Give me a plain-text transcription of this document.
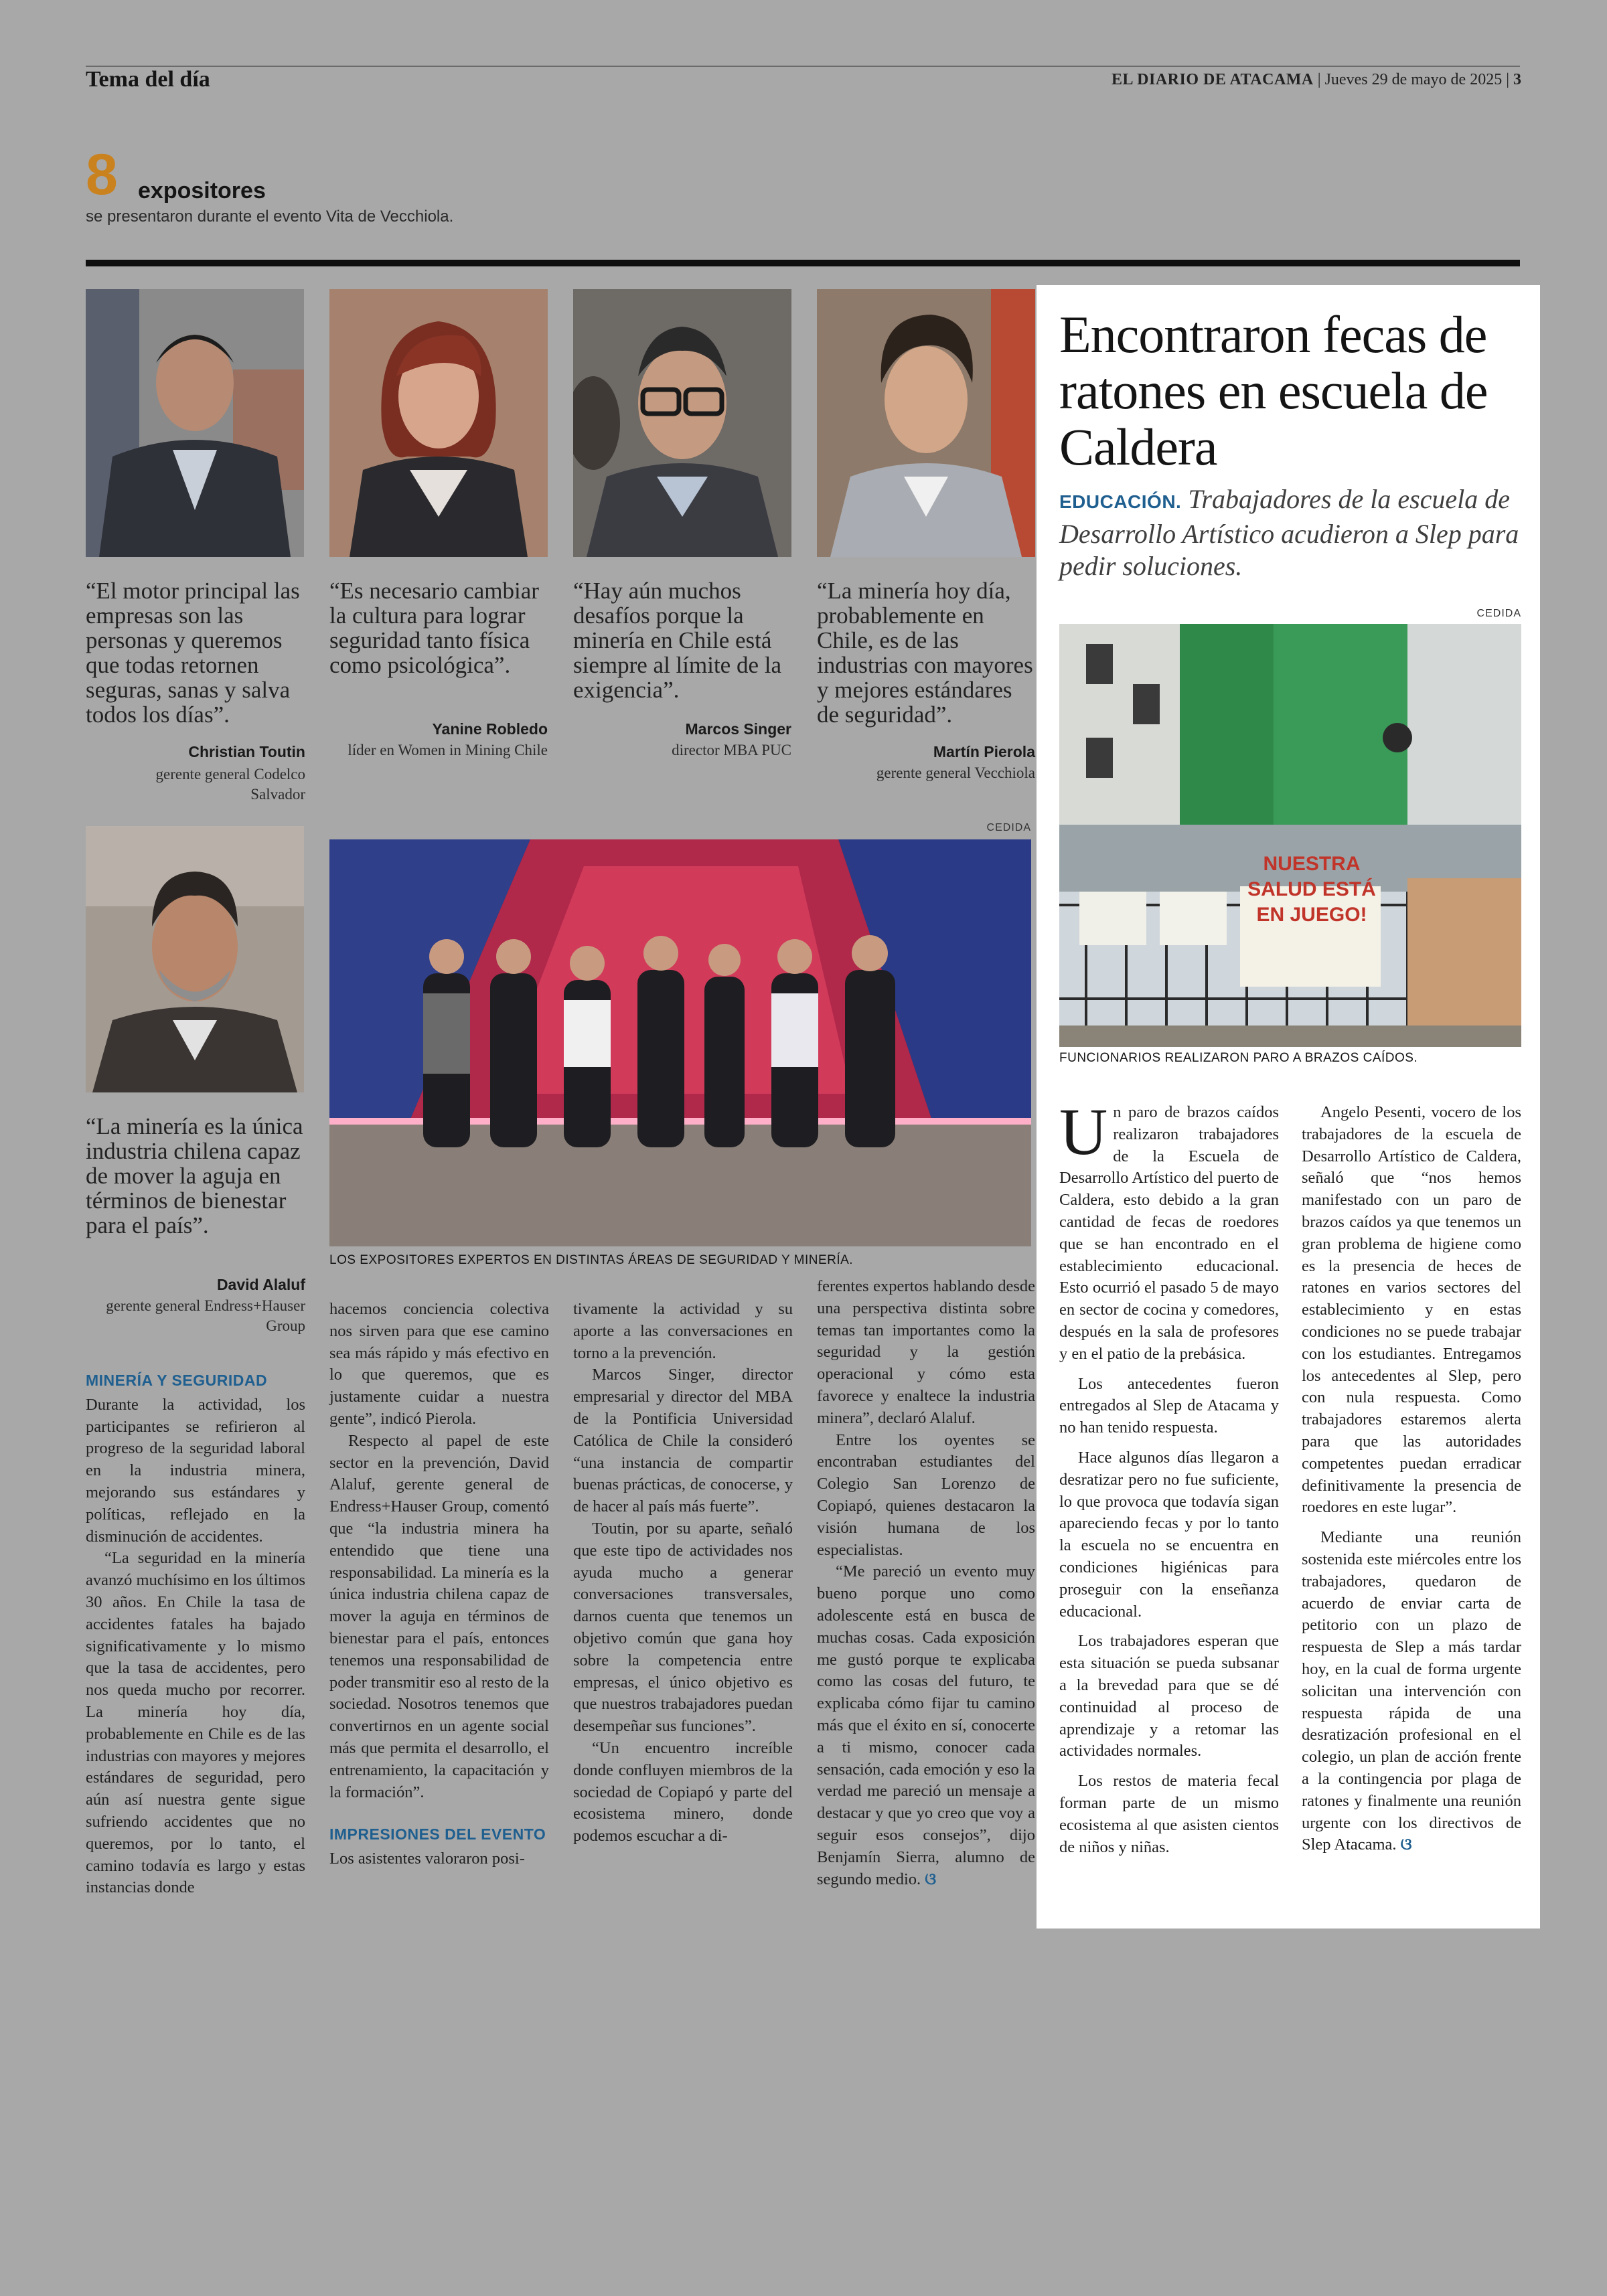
Tema del día	EL DIARIO DE ATACAMA | Jueves 29 de mayo de 2025 | 3
8 expositores
se presentaron durante el evento Vita de Vecchiola.
“El motor principal las empresas son las personas y queremos que todas retornen seguras, sanas y salva todos los días”.
Christian Toutin
gerente general Codelco Salvador
“Es necesario cambiar la cultura para lograr seguridad tanto física como psicológica”.
Yanine Robledo
líder en Women in Mining Chile
“Hay aún muchos desafíos porque la minería en Chile está siempre al límite de la exigencia”.
Marcos Singer
director MBA PUC
“La minería hoy día, probablemente en Chile, es de las industrias con mayores y mejores estándares de seguridad”.
Martín Pierola
gerente general Vecchiola
“La minería es la única industria chilena capaz de mover la aguja en términos de bienestar para el país”.
David Alaluf
gerente general Endress+Hauser Group
CEDIDA
LOS EXPOSITORES EXPERTOS EN DISTINTAS ÁREAS DE SEGURIDAD Y MINERÍA.

MINERÍA Y SEGURIDAD

Durante la actividad, los participantes se refirieron al progreso de la seguridad laboral en la industria minera, mejorando sus estándares y políticas, reflejado en la disminución de accidentes.

“La seguridad en la minería avanzó muchísimo en los últimos 30 años. En Chile la tasa de accidentes fatales ha bajado significativamente y lo mismo que la tasa de accidentes, pero nos queda mucho por recorrer. La minería hoy día, probablemente en Chile es de las industrias con mayores y mejores estándares de seguridad, pero aún así nuestra gente sigue sufriendo accidentes que no queremos, por lo tanto, el camino todavía es largo y estas instancias donde

hacemos conciencia colectiva nos sirven para que ese camino sea más rápido y más efectivo en lo que queremos, que es justamente cuidar a nuestra gente”, indicó Pierola.

Respecto al papel de este sector en la prevención, David Alaluf, gerente general de Endress+Hauser Group, comentó que “la industria minera ha entendido que tiene una responsabilidad. La minería es la única industria chilena capaz de mover la aguja en términos de bienestar para el país, entonces tenemos una responsabilidad de poder transmitir eso al resto de la sociedad. Nosotros tenemos que convertirnos en un agente social más que permita el desarrollo, el entrenamiento, la capacitación y la formación”.

IMPRESIONES DEL EVENTO

Los asistentes valoraron posi-

tivamente la actividad y su aporte a las conversaciones en torno a la prevención.

Marcos Singer, director empresarial y director del MBA de la Pontificia Universidad Católica de Chile la consideró “una instancia de compartir buenas prácticas, de conocerse, y de hacer al país más fuerte”.

Toutin, por su aparte, señaló que este tipo de actividades nos ayuda mucho a generar conversaciones transversales, darnos cuenta que tenemos un objetivo común que gana hoy sobre la competencia entre empresas, el único objetivo es que nuestros trabajadores puedan desempeñar sus funciones”.

“Un encuentro increíble donde confluyen miembros de la sociedad de Copiapó y parte del ecosistema minero, donde podemos escuchar a di-

ferentes expertos hablando desde una perspectiva distinta sobre temas tan importantes como la seguridad y la gestión operacional y cómo esta favorece y enaltece la industria minera”, declaró Alaluf.

Entre los oyentes se encontraban estudiantes del Colegio San Lorenzo de Copiapó, quienes destacaron la visión humana de los especialistas.

“Me pareció un evento muy bueno porque uno como adolescente está en busca de muchas cosas. Cada exposición me gustó porque te explicaba como las cosas del futuro, te explicaba cómo fijar tu camino más que el éxito en sí, conocerte a ti mismo, conocer cada sensación, cada emoción y eso la verdad me pareció un mensaje a destacar y que yo creo que voy a seguir esos consejos”, dijo Benjamín Sierra, alumno de segundo medio. ଓ

Encontraron fecas de ratones en escuela de Caldera
EDUCACIÓN. Trabajadores de la escuela de Desarrollo Artístico acudieron a Slep para pedir soluciones.
CEDIDA
NUESTRA
SALUD ESTÁ
EN JUEGO!
FUNCIONARIOS REALIZARON PARO A BRAZOS CAÍDOS.

Un paro de brazos caídos realizaron trabajadores de la Escuela de Desarrollo Artístico del puerto de Caldera, esto debido a la gran cantidad de fecas de roedores que se han encontrado en el establecimiento educacional. Esto ocurrió el pasado 5 de mayo en sector de cocina y comedores, después en la sala de profesores y en el patio de la prebásica.

Los antecedentes fueron entregados al Slep de Atacama y no han tenido respuesta.

Hace algunos días llegaron a desratizar pero no fue suficiente, lo que provoca que todavía sigan apareciendo fecas y por lo tanto la escuela no se encuentra en condiciones higiénicas para proseguir con la enseñanza educacional.

Los trabajadores esperan que esta situación se pueda subsanar a la brevedad para que se dé continuidad al proceso de aprendizaje y a retomar las actividades normales.

Los restos de materia fecal forman parte de un mismo ecosistema al que asisten cientos de niños y niñas.

Angelo Pesenti, vocero de los trabajadores de la escuela de Desarrollo Artístico de Caldera, señaló que “nos hemos manifestado con un paro de brazos caídos ya que tenemos un gran problema de higiene como es la presencia de heces de ratones en varios sectores del establecimiento y en estas condiciones no se puede trabajar con los estudiantes. Entregamos los antecedentes al Slep, pero con nula respuesta. Como trabajadores estaremos alerta para que las autoridades competentes puedan erradicar definitivamente la presencia de roedores en este lugar”.

Mediante una reunión sostenida este miércoles entre los trabajadores, quedaron de acuerdo de enviar carta de petitorio con un plazo de respuesta de Slep a más tardar hoy, en la cual de forma urgente solicitan una intervención con respuesta rápida de una desratización profesional en el colegio, un plan de acción frente a la contingencia por plaga de ratones y finalmente una reunión urgente con los directivos de Slep Atacama. ଓ
